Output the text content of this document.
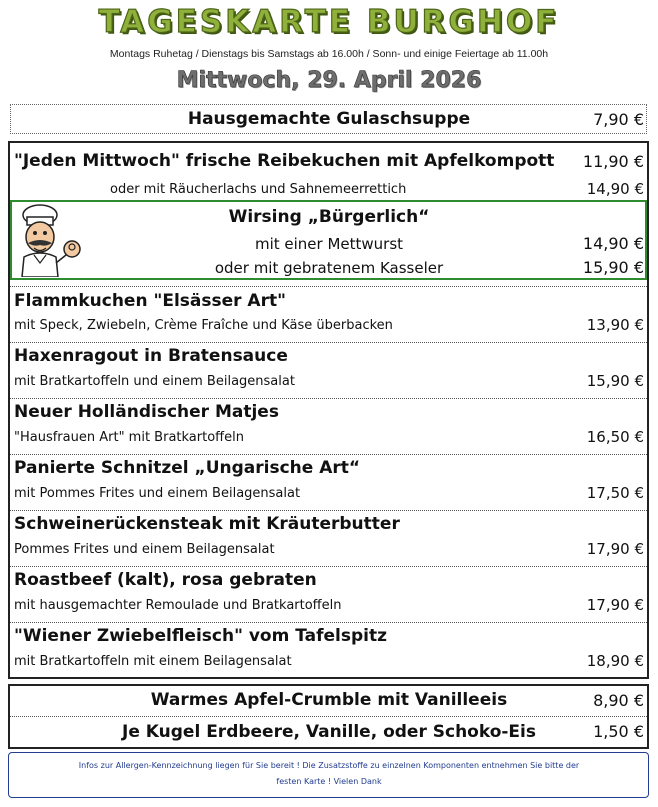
TAGESKARTE BURGHOF
Montags Ruhetag / Dienstags bis Samstags ab 16.00h / Sonn- und einige Feiertage ab 11.00h
Mittwoch, 29. April 2026
Hausgemachte Gulaschsuppe	7,90 €
"Jeden Mittwoch" frische Reibekuchen mit Apfelkompott 11,90 €
oder mit Räucherlachs und Sahnemeerrettich	14,90 €
Wirsing „Bürgerlich“
mit einer Mettwurst	14,90 €
oder mit gebratenem Kasseler	15,90 €
Flammkuchen "Elsässer Art"
mit Speck, Zwiebeln, Crème Fraîche und Käse überbacken	13,90 €
Haxenragout in Bratensauce
mit Bratkartoffeln und einem Beilagensalat	15,90 €
Neuer Holländischer Matjes
"Hausfrauen Art" mit Bratkartoffeln	16,50 €
Panierte Schnitzel „Ungarische Art“
mit Pommes Frites und einem Beilagensalat	17,50 €
Schweinerückensteak mit Kräuterbutter
Pommes Frites und einem Beilagensalat	17,90 €
Roastbeef (kalt), rosa gebraten
mit hausgemachter Remoulade und Bratkartoffeln	17,90 €
"Wiener Zwiebelfleisch" vom Tafelspitz
mit Bratkartoffeln mit einem Beilagensalat	18,90 €
Warmes Apfel-Crumble mit Vanilleeis	8,90 €
Je Kugel Erdbeere, Vanille, oder Schoko-Eis	1,50 €
Infos zur Allergen-Kennzeichnung liegen für Sie bereit ! Die Zusatzstoffe zu einzelnen Komponenten entnehmen Sie bitte der
festen Karte ! Vielen Dank
